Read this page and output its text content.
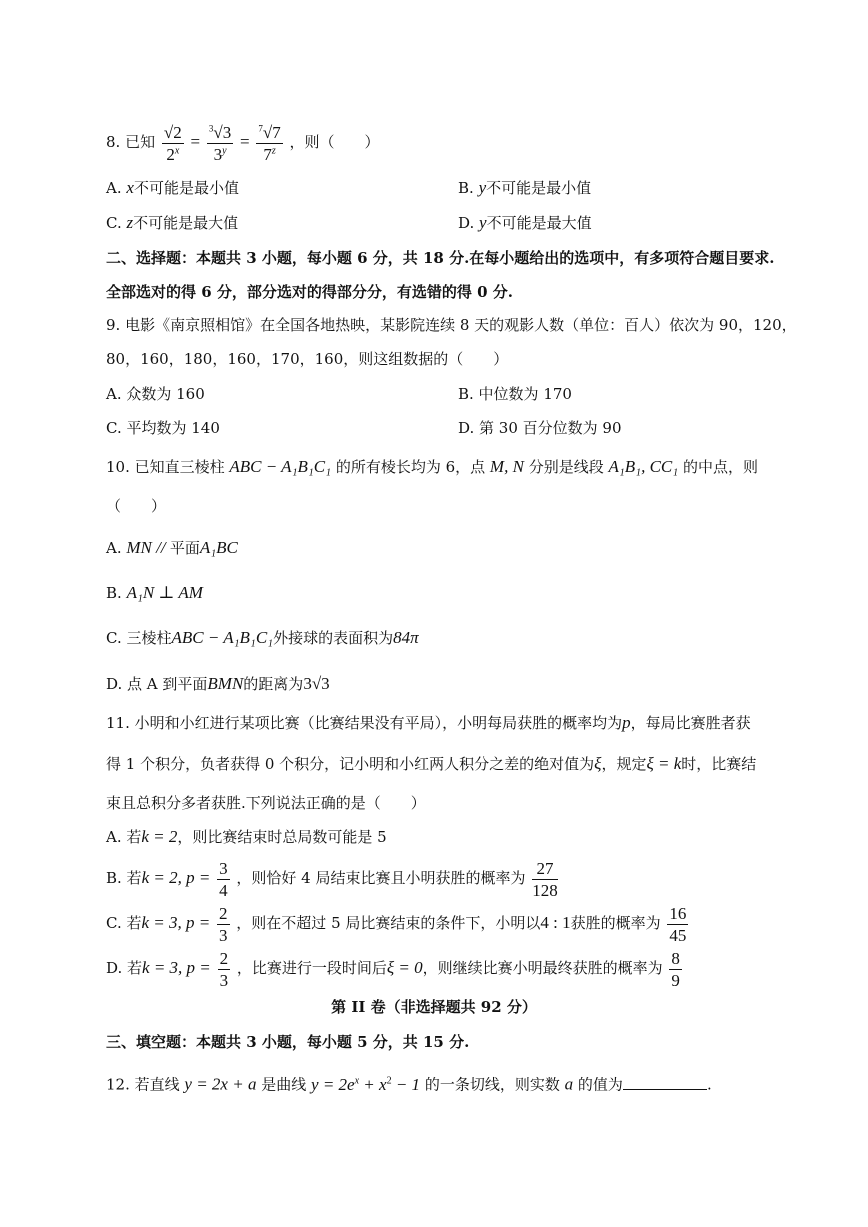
8. 已知 $\frac{√2}{2^x} = \frac{^3√3}{3^y} = \frac{^7√7}{7^z}$ ，则（　　）
A. x不可能是最小值	B. y不可能是最小值
C. z不可能是最大值	D. y不可能是最大值
二、选择题：本题共 3 小题，每小题 6 分，共 18 分.在每小题给出的选项中，有多项符合题目要求.
全部选对的得 6 分，部分选对的得部分分，有选错的得 0 分.
9. 电影《南京照相馆》在全国各地热映，某影院连续 8 天的观影人数（单位：百人）依次为 90，120，
80，160，180，160，170，160，则这组数据的（　　）
A. 众数为 160	B. 中位数为 170
C. 平均数为 140	D. 第 30 百分位数为 90
10. 已知直三棱柱 ABC − A₁B₁C₁ 的所有棱长均为 6，点 M, N 分别是线段 A₁B₁, CC₁ 的中点，则
（　　）
A. MN // 平面A₁BC
B. A₁N ⊥ AM
C. 三棱柱ABC − A₁B₁C₁外接球的表面积为84π
D. 点 A 到平面BMN的距离为3√3
11. 小明和小红进行某项比赛（比赛结果没有平局），小明每局获胜的概率均为p，每局比赛胜者获
得 1 个积分，负者获得 0 个积分，记小明和小红两人积分之差的绝对值为ξ，规定ξ = k时，比赛结
束且总积分多者获胜.下列说法正确的是（　　）
A. 若k = 2，则比赛结束时总局数可能是 5
B. 若k = 2, $p = \frac{3}{4}$ ，则恰好 4 局结束比赛且小明获胜的概率为 $\frac{27}{128}$
C. 若k = 3, $p = \frac{2}{3}$ ，则在不超过 5 局比赛结束的条件下，小明以4 : 1获胜的概率为 $\frac{16}{45}$
D. 若k = 3, $p = \frac{2}{3}$ ，比赛进行一段时间后ξ = 0，则继续比赛小明最终获胜的概率为 $\frac{8}{9}$
第 II 卷（非选择题共 92 分）
三、填空题：本题共 3 小题，每小题 5 分，共 15 分.
12. 若直线 y = 2x + a 是曲线 $y = 2e^x + x^2 - 1$ 的一条切线，则实数 a 的值为	.
